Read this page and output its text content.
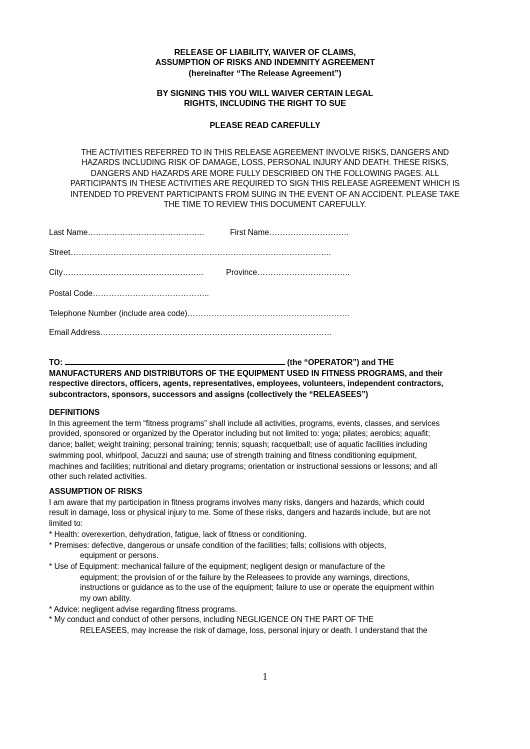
RELEASE OF LIABILITY, WAIVER OF CLAIMS,
ASSUMPTION OF RISKS AND INDEMNITY AGREEMENT
(hereinafter “The Release Agreement”)
BY SIGNING THIS YOU WILL WAIVER CERTAIN LEGAL
RIGHTS, INCLUDING THE RIGHT TO SUE
PLEASE READ CAREFULLY
THE ACTIVITIES REFERRED TO IN THIS RELEASE AGREEMENT INVOLVE RISKS, DANGERS AND
HAZARDS INCLUDING RISK OF DAMAGE, LOSS, PERSONAL INJURY AND DEATH. THESE RISKS,
DANGERS AND HAZARDS ARE MORE FULLY DESCRIBED ON THE FOLLOWING PAGES. ALL
PARTICIPANTS IN THESE ACTIVITIES ARE REQUIRED TO SIGN THIS RELEASE AGREEMENT WHICH IS
INTENDED TO PREVENT PARTICIPANTS FROM SUING IN THE EVENT OF AN ACCIDENT. PLEASE TAKE
THE TIME TO REVIEW THIS DOCUMENT CAREFULLY.
Last Name……………………………………..	First Name…………………………
Street……………………………………………………………………………………..
City……………………………………………..	Province……………………………..
Postal Code……………………………………..
Telephone Number (include area code)…………………………………………………….
Email Address……………………………………………………………………………
TO:	(the “OPERATOR”) and THE
MANUFACTURERS AND DISTRIBUTORS OF THE EQUIPMENT USED IN FITNESS PROGRAMS, and their
respective directors, officers, agents, representatives, employees, volunteers, independent contractors,
subcontractors, sponsors, successors and assigns (collectively the “RELEASEES”)
DEFINITIONS

In this agreement the term “fitness programs” shall include all activities, programs, events, classes, and services

provided, sponsored or organized by the Operator including but not limited to: yoga; pilates; aerobics; aquafit;

dance; ballet; weight training; personal training; tennis; squash; racquetball; use of aquatic facilities including

swimming pool, whirlpool, Jacuzzi and sauna; use of strength training and fitness conditioning equipment,

machines and facilities; nutritional and dietary programs; orientation or instructional sessions or lessons; and all

other such related activities.

ASSUMPTION OF RISKS

I am aware that my participation in fitness programs involves many risks, dangers and hazards, which could

result in damage, loss or physical injury to me. Some of these risks, dangers and hazards include, but are not

limited to:

* Health: overexertion, dehydration, fatigue, lack of fitness or conditioning.

* Premises: defective, dangerous or unsafe condition of the facilities; falls; collisions with objects,

equipment or persons.

* Use of Equipment: mechanical failure of the equipment; negligent design or manufacture of the

equipment; the provision of or the failure by the Releasees to provide any warnings, directions,

instructions or guidance as to the use of the equipment; failure to use or operate the equipment within

my own ability.

* Advice: negligent advise regarding fitness programs.

* My conduct and conduct of other persons, including NEGLIGENCE ON THE PART OF THE

RELEASEES, may increase the risk of damage, loss, personal injury or death. I understand that the

1
